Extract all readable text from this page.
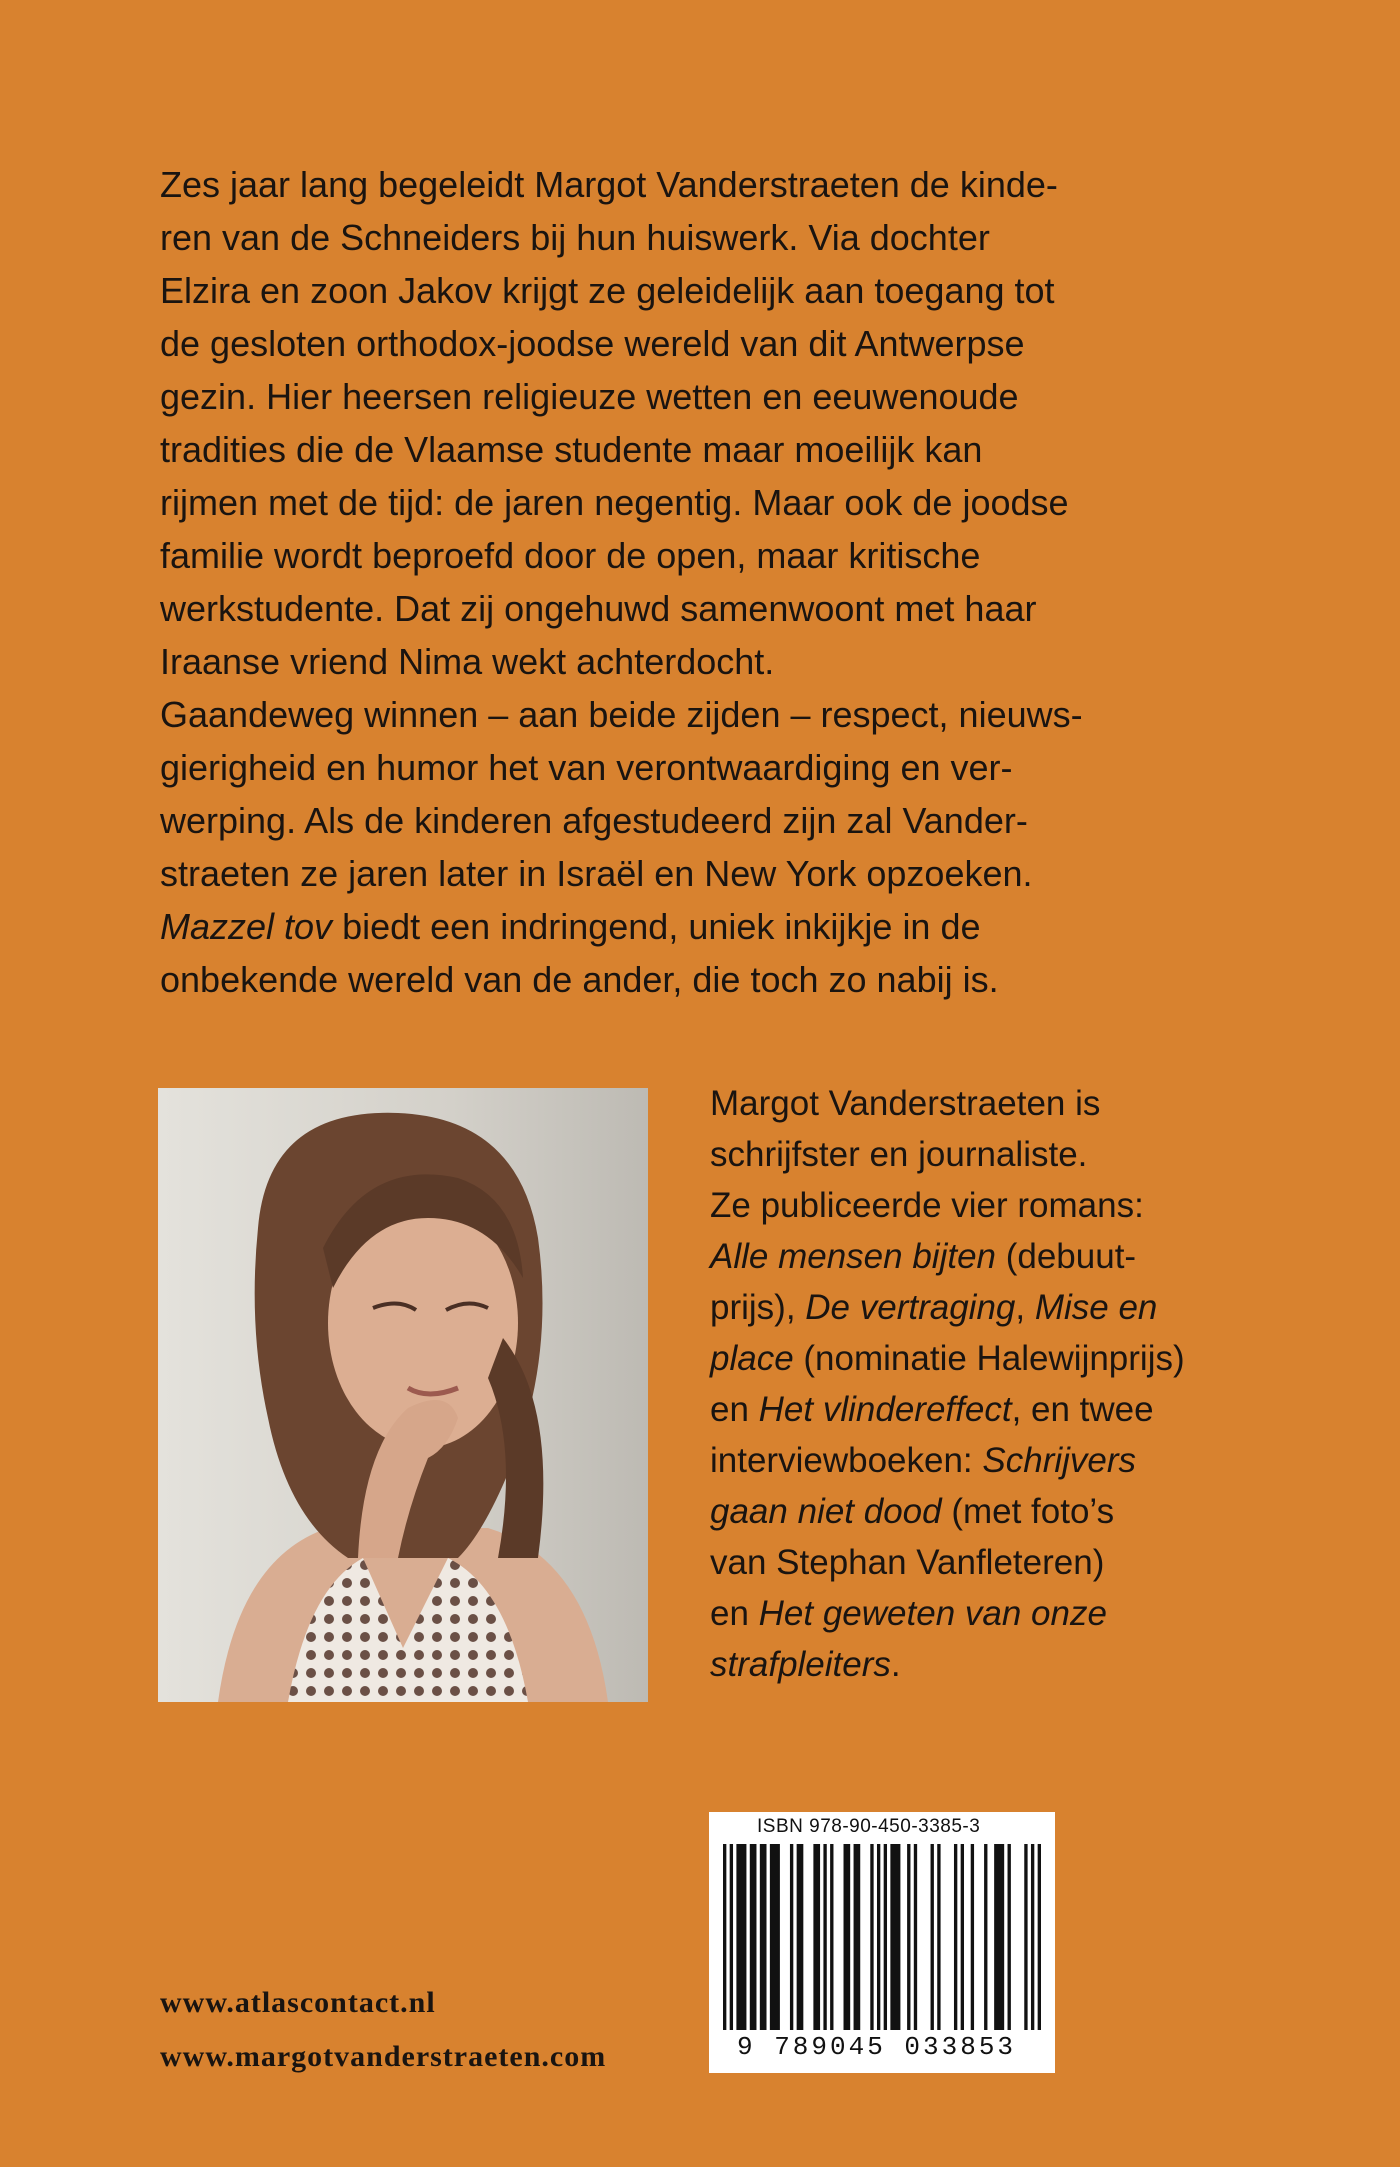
Zes jaar lang begeleidt Margot Vanderstraeten de kinde-

ren van de Schneiders bij hun huiswerk. Via dochter

Elzira en zoon Jakov krijgt ze geleidelijk aan toegang tot

de gesloten orthodox-joodse wereld van dit Antwerpse

gezin. Hier heersen religieuze wetten en eeuwenoude

tradities die de Vlaamse studente maar moeilijk kan

rijmen met de tijd: de jaren negentig. Maar ook de joodse

familie wordt beproefd door de open, maar kritische

werkstudente. Dat zij ongehuwd samenwoont met haar

Iraanse vriend Nima wekt achterdocht.

Gaandeweg winnen – aan beide zijden – respect, nieuws-

gierigheid en humor het van verontwaardiging en ver-

werping. Als de kinderen afgestudeerd zijn zal Vander-

straeten ze jaren later in Israël en New York opzoeken.

Mazzel tov biedt een indringend, uniek inkijkje in de

onbekende wereld van de ander, die toch zo nabij is.

Margot Vanderstraeten is

schrijfster en journaliste.

Ze publiceerde vier romans:

Alle mensen bijten (debuut-

prijs), De vertraging, Mise en

place (nominatie Halewijnprijs)

en Het vlindereffect, en twee

interviewboeken: Schrijvers

gaan niet dood (met foto’s

van Stephan Vanfleteren)

en Het geweten van onze

strafpleiters.

www.atlascontact.nl
www.margotvanderstraeten.com
ISBN 978-90-450-3385-3
9 789045 033853
